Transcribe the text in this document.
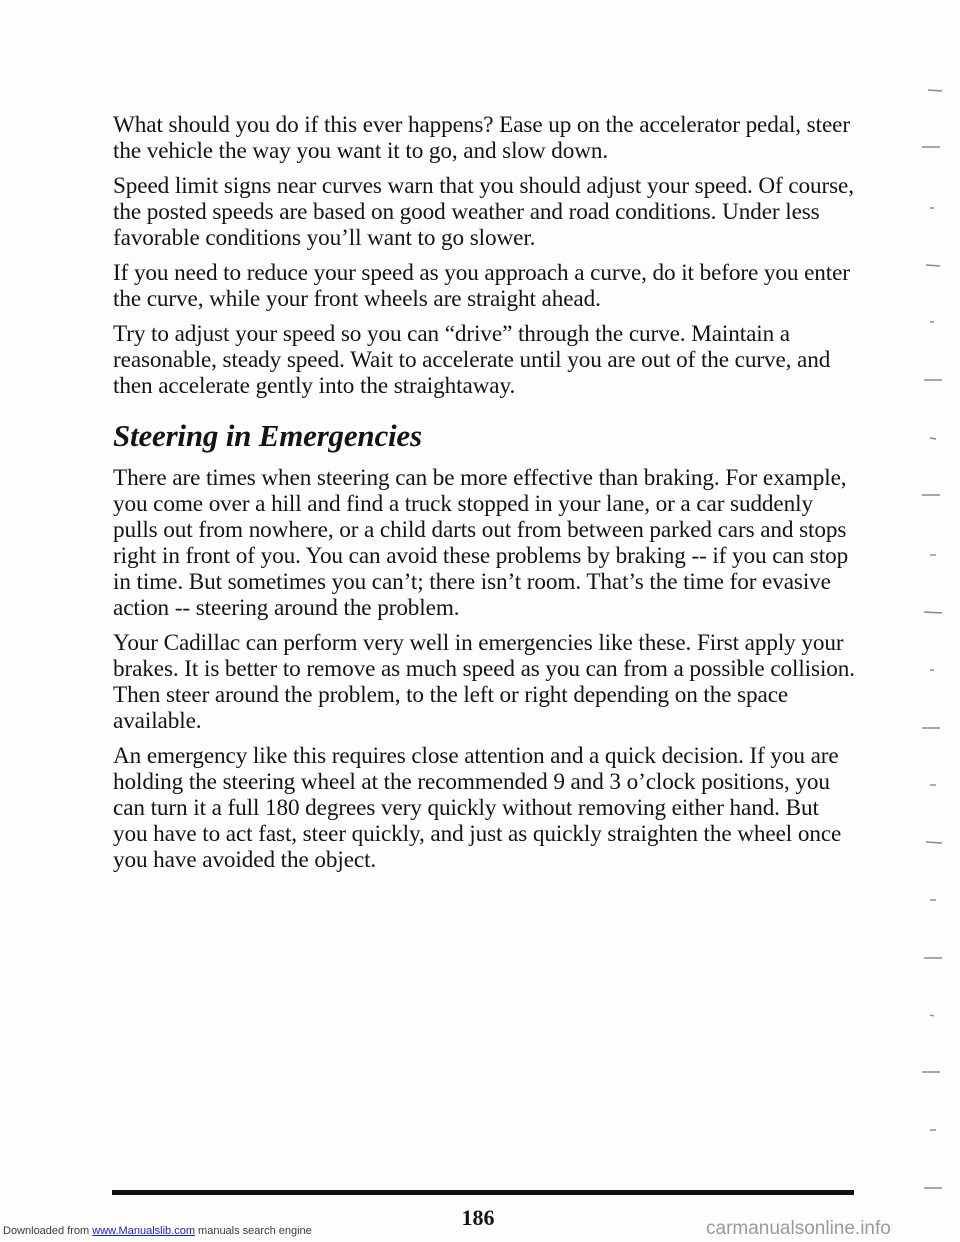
What should you do if this ever happens? Ease up on the accelerator pedal, steer the vehicle the way you want it to go, and slow down.

Speed limit signs near curves warn that you should adjust your speed. Of course, the posted speeds are based on good weather and road conditions. Under less favorable conditions you’ll want to go slower.

If you need to reduce your speed as you approach a curve, do it before you enter the curve, while your front wheels are straight ahead.

Try to adjust your speed so you can “drive” through the curve. Maintain a reasonable, steady speed. Wait to accelerate until you are out of the curve, and then accelerate gently into the straightaway.

Steering in Emergencies

There are times when steering can be more effective than braking. For example, you come over a hill and find a truck stopped in your lane, or a car suddenly pulls out from nowhere, or a child darts out from between parked cars and stops right in front of you. You can avoid these problems by braking -- if you can stop in time. But sometimes you can’t; there isn’t room. That’s the time for evasive action -- steering around the problem.

Your Cadillac can perform very well in emergencies like these. First apply your brakes. It is better to remove as much speed as you can from a possible collision. Then steer around the problem, to the left or right depending on the space available.

An emergency like this requires close attention and a quick decision. If you are holding the steering wheel at the recommended 9 and 3 o’clock positions, you can turn it a full 180 degrees very quickly without removing either hand. But you have to act fast, steer quickly, and just as quickly straighten the wheel once you have avoided the object.

186
Downloaded from www.Manualslib.com manuals search engine	carmanualsonline.info
